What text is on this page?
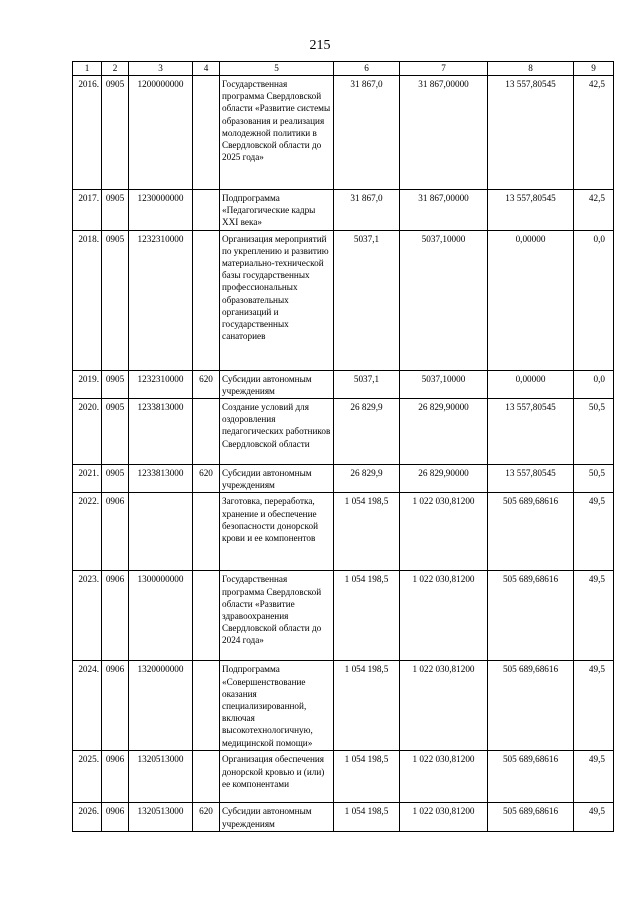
215
1	2	3	4	5	6	7	8	9
2016.	0905	1200000000		Государственная программа Свердловской области «Развитие системы образования и реализация молодежной политики в Свердловской области до 2025 года»	31 867,0	31 867,00000	13 557,80545	42,5
2017.	0905	1230000000		Подпрограмма «Педагогические кадры XXI века»	31 867,0	31 867,00000	13 557,80545	42,5
2018.	0905	1232310000		Организация мероприятий по укреплению и развитию материально-технической базы государственных профессиональных образовательных организаций и государственных санаториев	5037,1	5037,10000	0,00000	0,0
2019.	0905	1232310000	620	Субсидии автономным учреждениям	5037,1	5037,10000	0,00000	0,0
2020.	0905	1233813000		Создание условий для оздоровления педагогических работников Свердловской области	26 829,9	26 829,90000	13 557,80545	50,5
2021.	0905	1233813000	620	Субсидии автономным учреждениям	26 829,9	26 829,90000	13 557,80545	50,5
2022.	0906			Заготовка, переработка, хранение и обеспечение безопасности донорской крови и ее компонентов	1 054 198,5	1 022 030,81200	505 689,68616	49,5
2023.	0906	1300000000		Государственная программа Свердловской области «Развитие здравоохранения Свердловской области до 2024 года»	1 054 198,5	1 022 030,81200	505 689,68616	49,5
2024.	0906	1320000000		Подпрограмма «Совершенствование оказания специализированной, включая высокотехнологичную, медицинской помощи»	1 054 198,5	1 022 030,81200	505 689,68616	49,5
2025.	0906	1320513000		Организация обеспечения донорской кровью и (или) ее компонентами	1 054 198,5	1 022 030,81200	505 689,68616	49,5
2026.	0906	1320513000	620	Субсидии автономным учреждениям	1 054 198,5	1 022 030,81200	505 689,68616	49,5
